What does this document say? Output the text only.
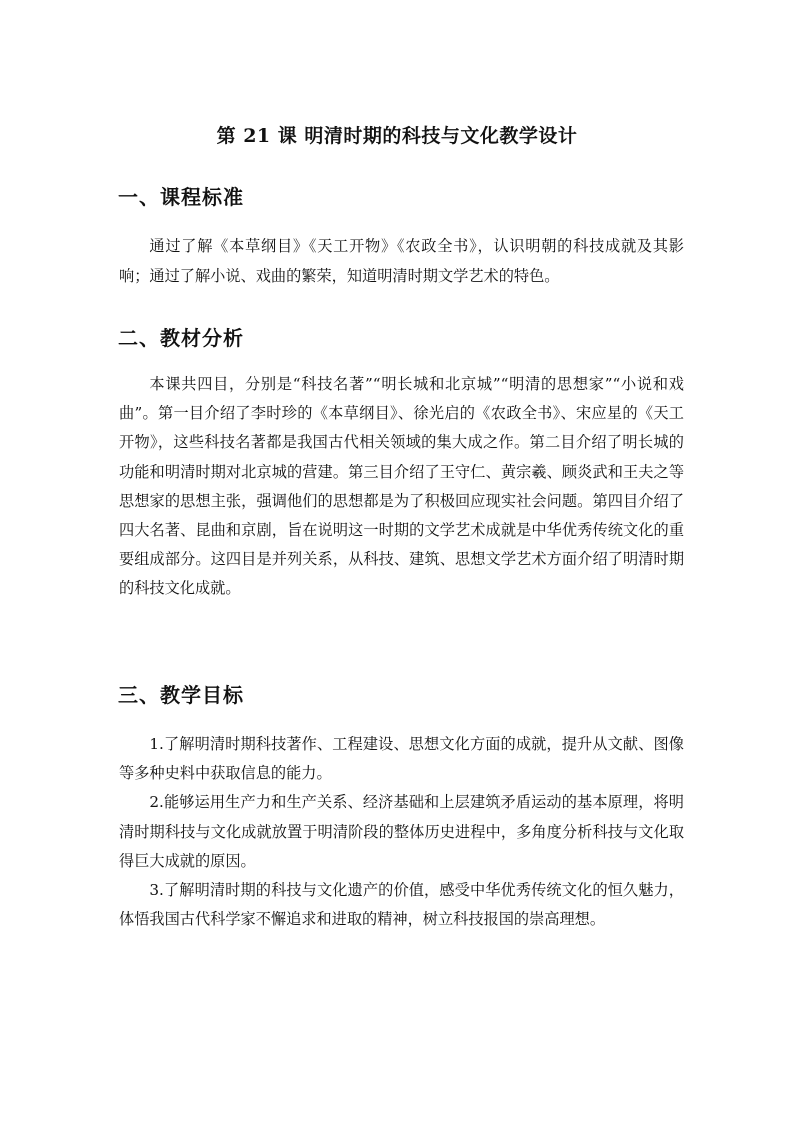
第 21 课 明清时期的科技与文化教学设计
一、课程标准
通过了解《本草纲目》《天工开物》《农政全书》，认识明朝的科技成就及其影响；通过了解小说、戏曲的繁荣，知道明清时期文学艺术的特色。
二、教材分析
本课共四目，分别是“科技名著”“明长城和北京城”“明清的思想家”“小说和戏曲”。第一目介绍了李时珍的《本草纲目》、徐光启的《农政全书》、宋应星的《天工开物》，这些科技名著都是我国古代相关领域的集大成之作。第二目介绍了明长城的功能和明清时期对北京城的营建。第三目介绍了王守仁、黄宗羲、顾炎武和王夫之等思想家的思想主张，强调他们的思想都是为了积极回应现实社会问题。第四目介绍了四大名著、昆曲和京剧，旨在说明这一时期的文学艺术成就是中华优秀传统文化的重要组成部分。这四目是并列关系，从科技、建筑、思想文学艺术方面介绍了明清时期的科技文化成就。
三、教学目标
1.了解明清时期科技著作、工程建设、思想文化方面的成就，提升从文献、图像等多种史料中获取信息的能力。
2.能够运用生产力和生产关系、经济基础和上层建筑矛盾运动的基本原理，将明清时期科技与文化成就放置于明清阶段的整体历史进程中，多角度分析科技与文化取得巨大成就的原因。
3.了解明清时期的科技与文化遗产的价值，感受中华优秀传统文化的恒久魅力，体悟我国古代科学家不懈追求和进取的精神，树立科技报国的崇高理想。
